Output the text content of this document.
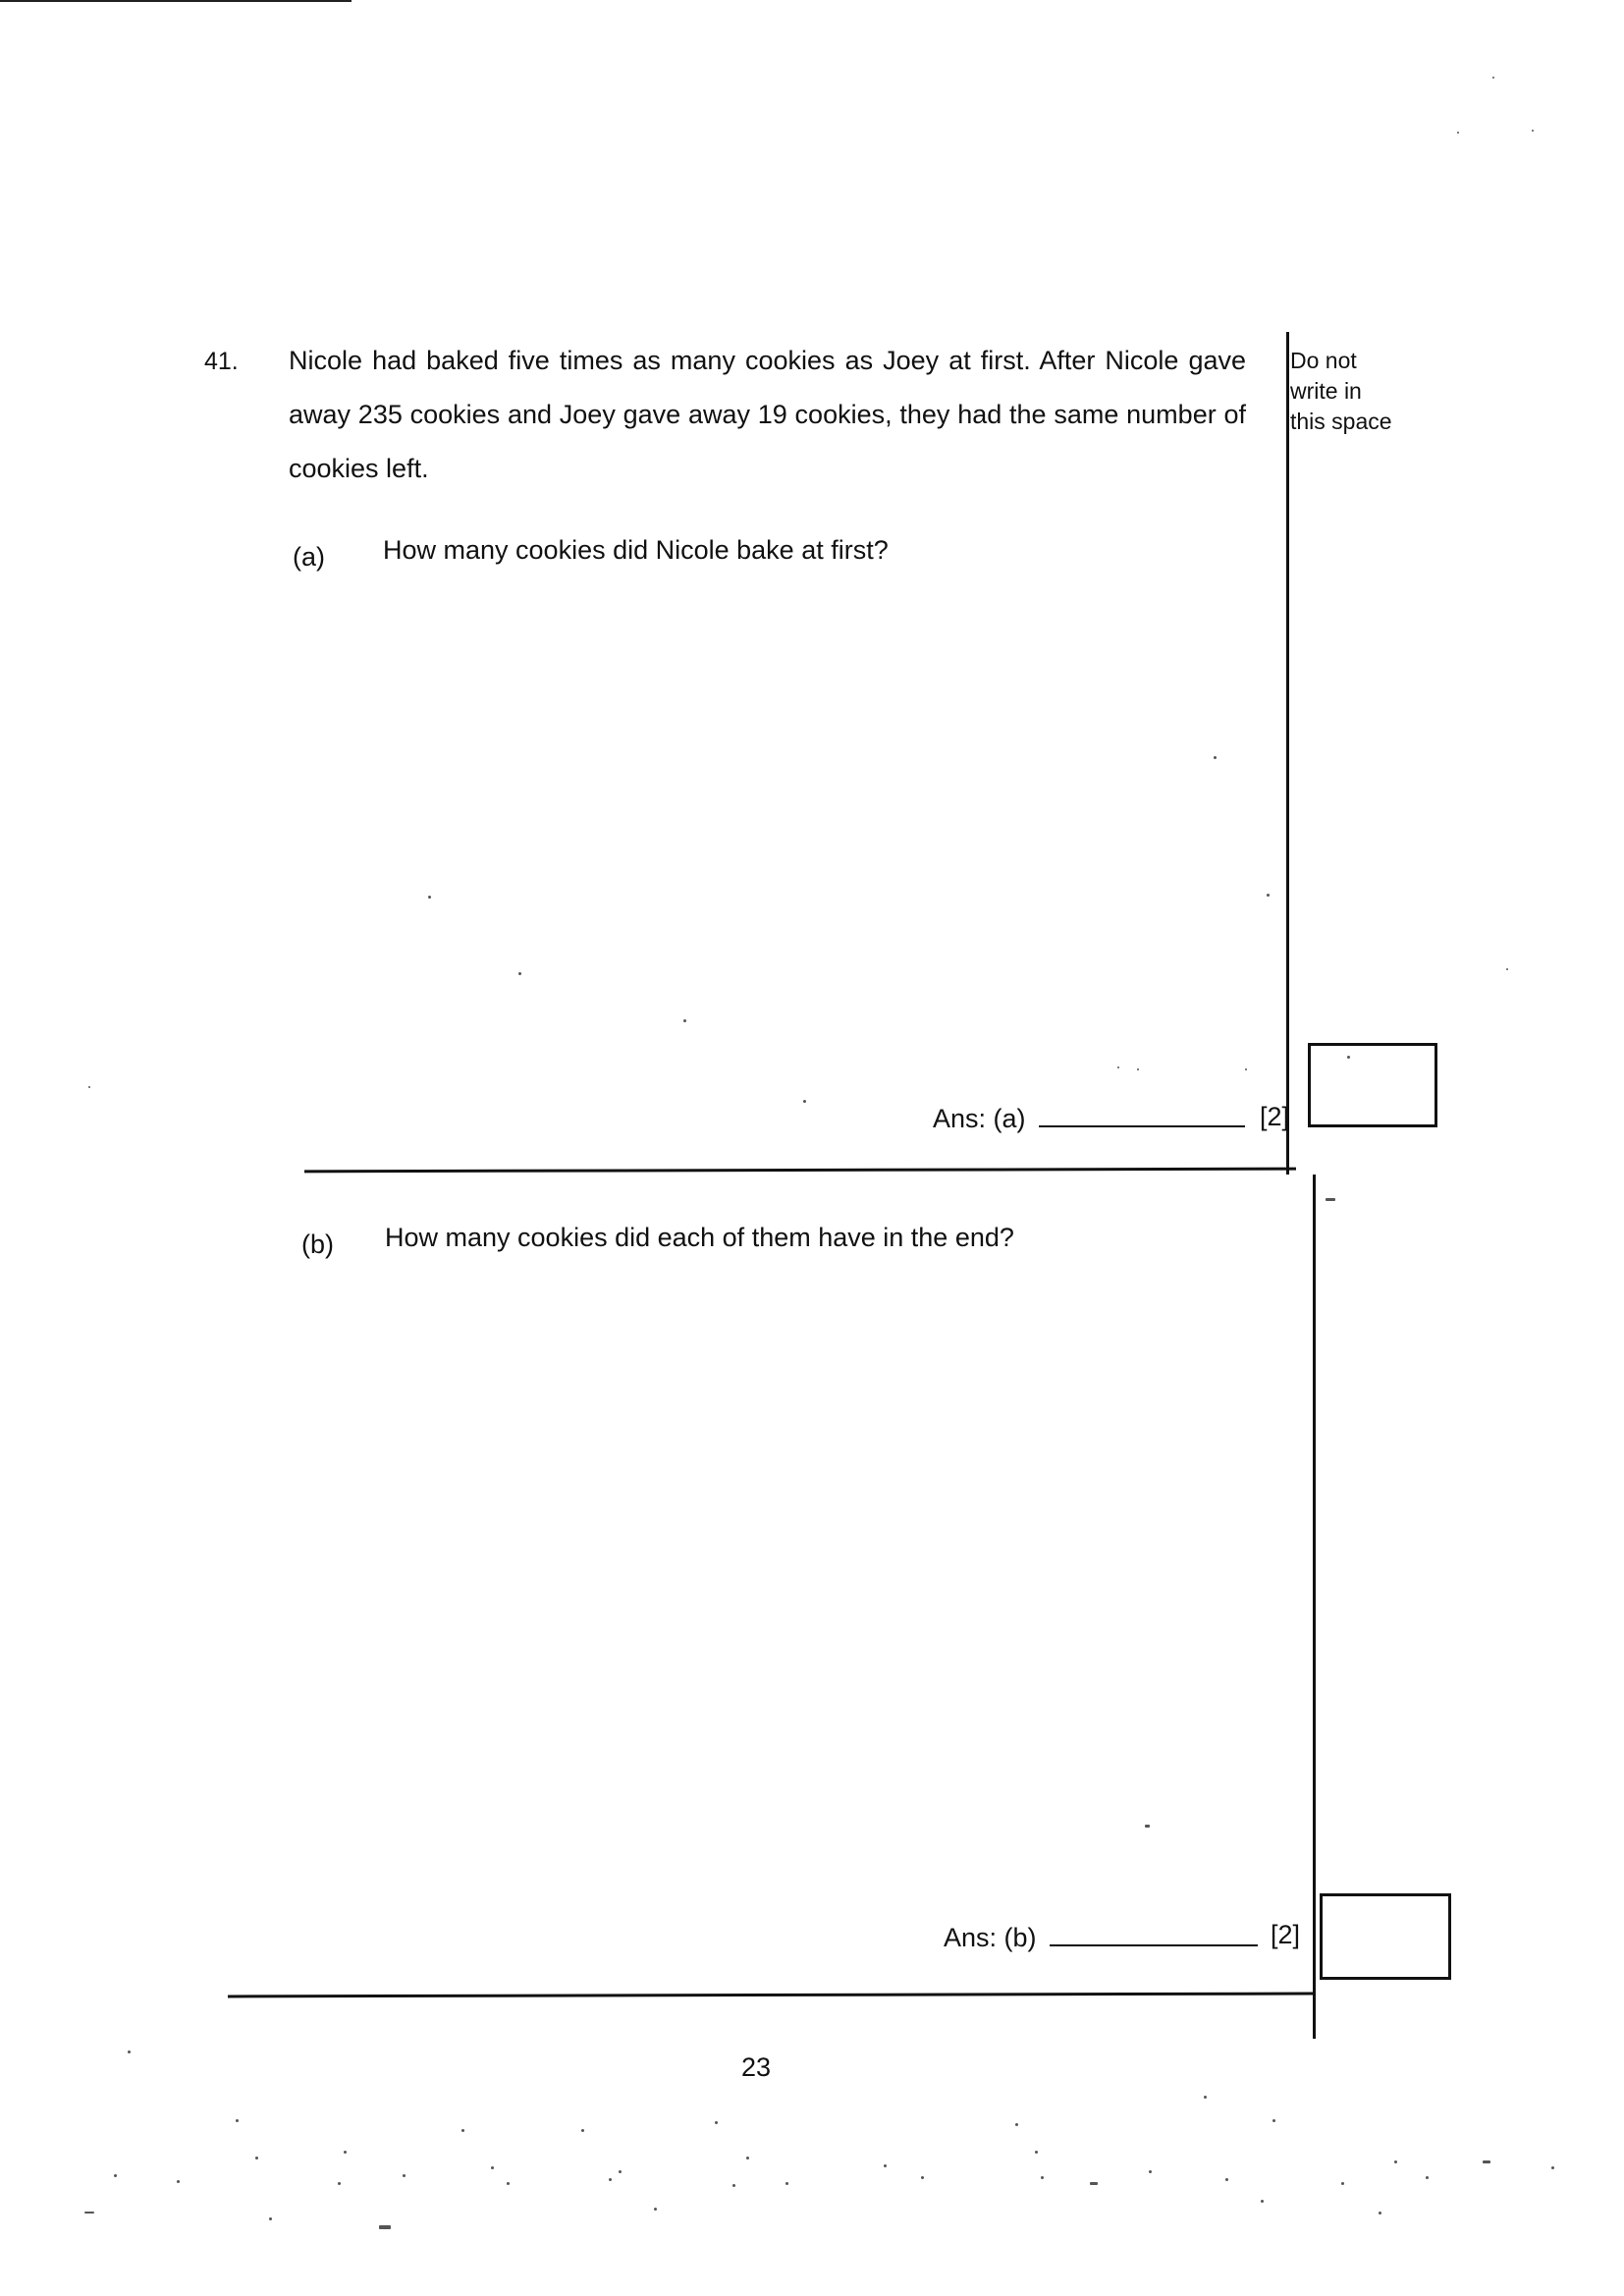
41. Nicole had baked five times as many cookies as Joey at first. After Nicole gave away 235 cookies and Joey gave away 19 cookies, they had the same number of cookies left.
Do not
write in
this space
(a) How many cookies did Nicole bake at first?
Ans: (a)	[2]
(b) How many cookies did each of them have in the end?
Ans: (b)	[2]
23
